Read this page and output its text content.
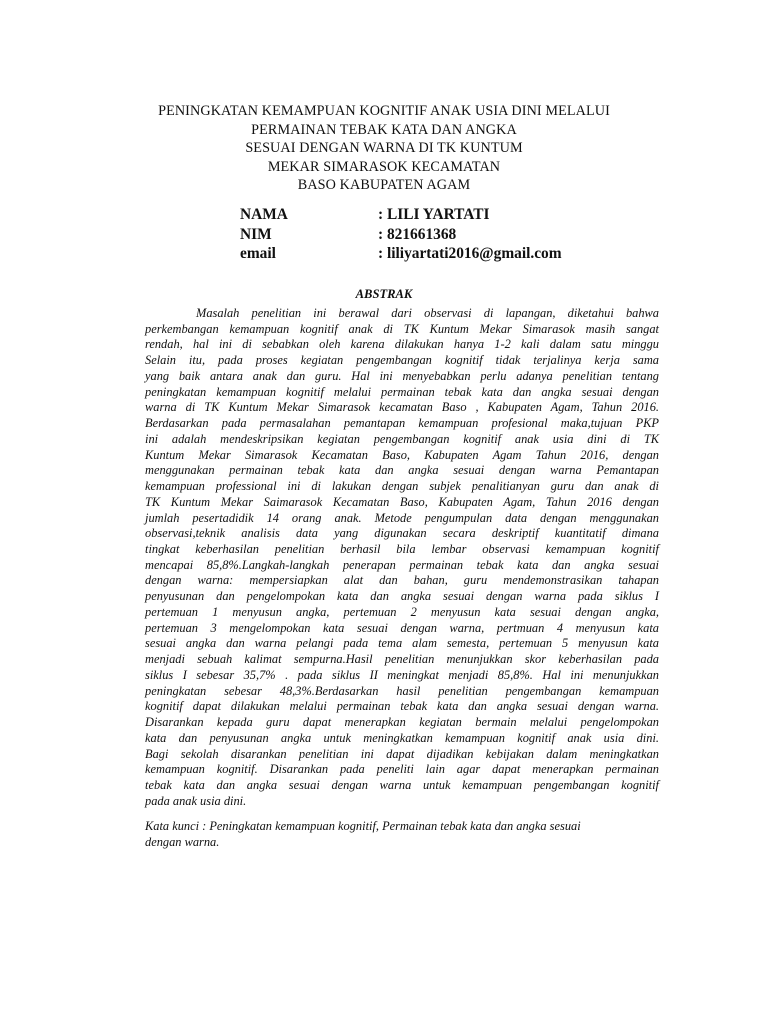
PENINGKATAN KEMAMPUAN KOGNITIF ANAK USIA DINI MELALUI
PERMAINAN TEBAK KATA DAN ANGKA
SESUAI DENGAN WARNA DI TK KUNTUM
MEKAR SIMARASOK KECAMATAN
BASO KABUPATEN AGAM
NAMA	: LILI YARTATI
NIM	: 821661368
email	: liliyartati2016@gmail.com
ABSTRAK
Masalah penelitian ini berawal dari observasi di lapangan, diketahui bahwa
perkembangan kemampuan kognitif anak di TK Kuntum Mekar Simarasok masih sangat
rendah, hal ini di sebabkan oleh karena dilakukan hanya 1-2 kali dalam satu minggu
Selain itu, pada proses kegiatan pengembangan kognitif tidak terjalinya kerja sama
yang baik antara anak dan guru. Hal ini menyebabkan perlu adanya penelitian tentang
peningkatan kemampuan kognitif melalui permainan tebak kata dan angka sesuai dengan
warna di TK Kuntum Mekar Simarasok kecamatan Baso , Kabupaten Agam, Tahun 2016.
Berdasarkan pada permasalahan pemantapan kemampuan profesional maka,tujuan PKP
ini adalah mendeskripsikan kegiatan pengembangan kognitif anak usia dini di TK
Kuntum Mekar Simarasok Kecamatan Baso, Kabupaten Agam Tahun 2016, dengan
menggunakan permainan tebak kata dan angka sesuai dengan warna Pemantapan
kemampuan professional ini di lakukan dengan subjek penalitianyan guru dan anak di
TK Kuntum Mekar Saimarasok Kecamatan Baso, Kabupaten Agam, Tahun 2016 dengan
jumlah pesertadidik 14 orang anak. Metode pengumpulan data dengan menggunakan
observasi,teknik analisis data yang digunakan secara deskriptif kuantitatif dimana
tingkat keberhasilan penelitian berhasil bila lembar observasi kemampuan kognitif
mencapai 85,8%.Langkah-langkah penerapan permainan tebak kata dan angka sesuai
dengan warna: mempersiapkan alat dan bahan, guru mendemonstrasikan tahapan
penyusunan dan pengelompokan kata dan angka sesuai dengan warna pada siklus I
pertemuan 1 menyusun angka, pertemuan 2 menyusun kata sesuai dengan angka,
pertemuan 3 mengelompokan kata sesuai dengan warna, pertmuan 4 menyusun kata
sesuai angka dan warna pelangi pada tema alam semesta, pertemuan 5 menyusun kata
menjadi sebuah kalimat sempurna.Hasil penelitian menunjukkan skor keberhasilan pada
siklus I sebesar 35,7% . pada siklus II meningkat menjadi 85,8%. Hal ini menunjukkan
peningkatan sebesar 48,3%.Berdasarkan hasil penelitian pengembangan kemampuan
kognitif dapat dilakukan melalui permainan tebak kata dan angka sesuai dengan warna.
Disarankan kepada guru dapat menerapkan kegiatan bermain melalui pengelompokan
kata dan penyusunan angka untuk meningkatkan kemampuan kognitif anak usia dini.
Bagi sekolah disarankan penelitian ini dapat dijadikan kebijakan dalam meningkatkan
kemampuan kognitif. Disarankan pada peneliti lain agar dapat menerapkan permainan
tebak kata dan angka sesuai dengan warna untuk kemampuan pengembangan kognitif
pada anak usia dini.
Kata kunci : Peningkatan kemampuan kognitif, Permainan tebak kata dan angka sesuai
dengan warna.
